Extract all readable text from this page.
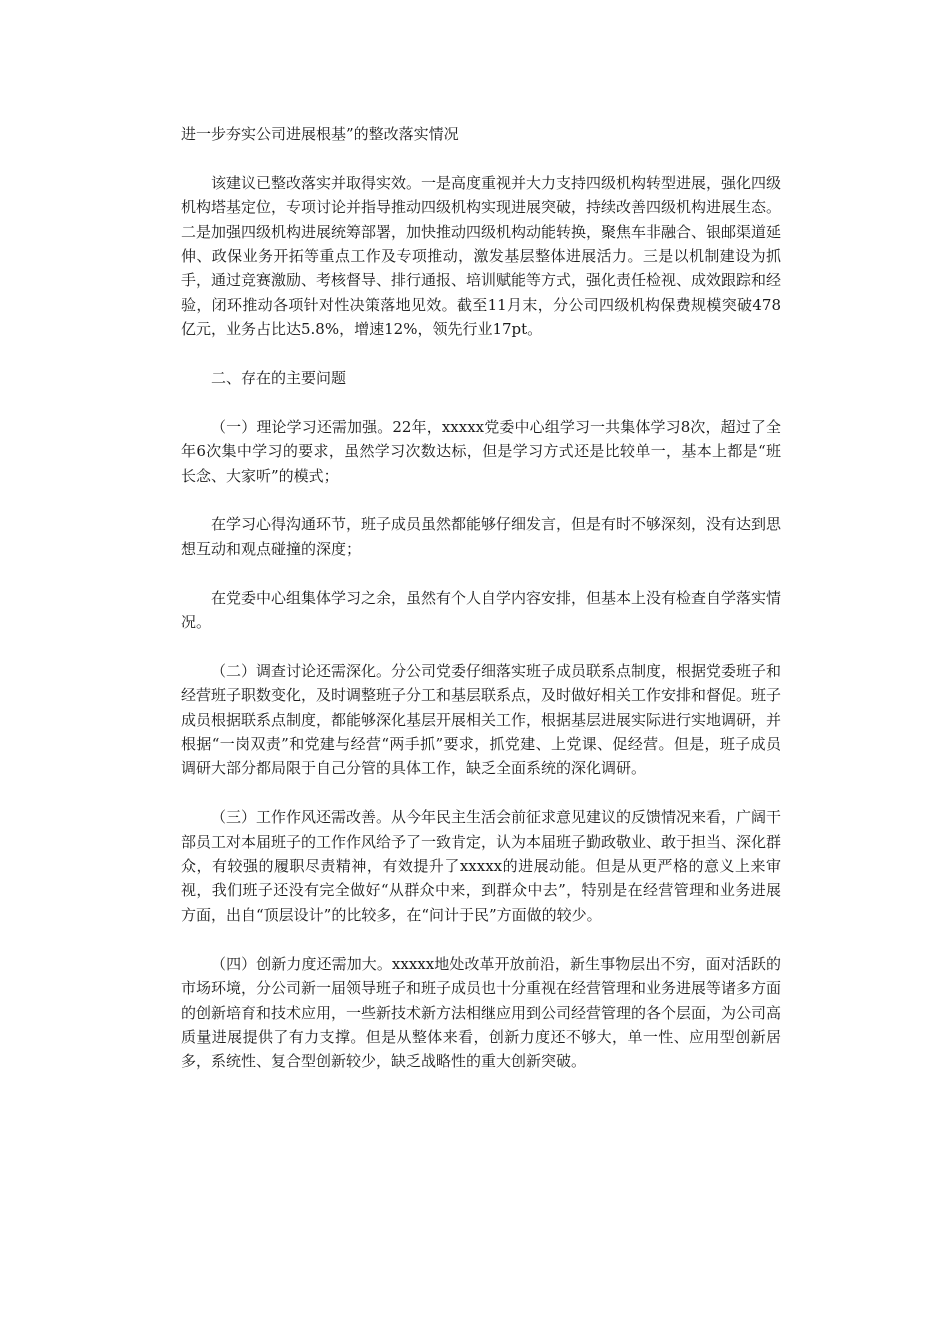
进一步夯实公司进展根基”的整改落实情况

该建议已整改落实并取得实效。一是高度重视并大力支持四级机构转型进展，强化四级机构塔基定位，专项讨论并指导推动四级机构实现进展突破，持续改善四级机构进展生态。二是加强四级机构进展统筹部署，加快推动四级机构动能转换，聚焦车非融合、银邮渠道延伸、政保业务开拓等重点工作及专项推动，激发基层整体进展活力。三是以机制建设为抓手，通过竞赛激励、考核督导、排行通报、培训赋能等方式，强化责任检视、成效跟踪和经验，闭环推动各项针对性决策落地见效。截至11月末，分公司四级机构保费规模突破478亿元，业务占比达5.8%，增速12%，领先行业17pt。

二、存在的主要问题

（一）理论学习还需加强。22年，xxxxx党委中心组学习一共集体学习8次，超过了全年6次集中学习的要求，虽然学习次数达标，但是学习方式还是比较单一，基本上都是“班长念、大家听”的模式；

在学习心得沟通环节，班子成员虽然都能够仔细发言，但是有时不够深刻，没有达到思想互动和观点碰撞的深度；

在党委中心组集体学习之余，虽然有个人自学内容安排，但基本上没有检查自学落实情况。

（二）调查讨论还需深化。分公司党委仔细落实班子成员联系点制度，根据党委班子和经营班子职数变化，及时调整班子分工和基层联系点，及时做好相关工作安排和督促。班子成员根据联系点制度，都能够深化基层开展相关工作，根据基层进展实际进行实地调研，并根据“一岗双责”和党建与经营“两手抓”要求，抓党建、上党课、促经营。但是，班子成员调研大部分都局限于自己分管的具体工作，缺乏全面系统的深化调研。

（三）工作作风还需改善。从今年民主生活会前征求意见建议的反馈情况来看，广阔干部员工对本届班子的工作作风给予了一致肯定，认为本届班子勤政敬业、敢于担当、深化群众，有较强的履职尽责精神，有效提升了xxxxx的进展动能。但是从更严格的意义上来审视，我们班子还没有完全做好“从群众中来，到群众中去”，特别是在经营管理和业务进展方面，出自“顶层设计”的比较多，在“问计于民”方面做的较少。

（四）创新力度还需加大。xxxxx地处改革开放前沿，新生事物层出不穷，面对活跃的市场环境，分公司新一届领导班子和班子成员也十分重视在经营管理和业务进展等诸多方面的创新培育和技术应用，一些新技术新方法相继应用到公司经营管理的各个层面，为公司高质量进展提供了有力支撑。但是从整体来看，创新力度还不够大，单一性、应用型创新居多，系统性、复合型创新较少，缺乏战略性的重大创新突破。
